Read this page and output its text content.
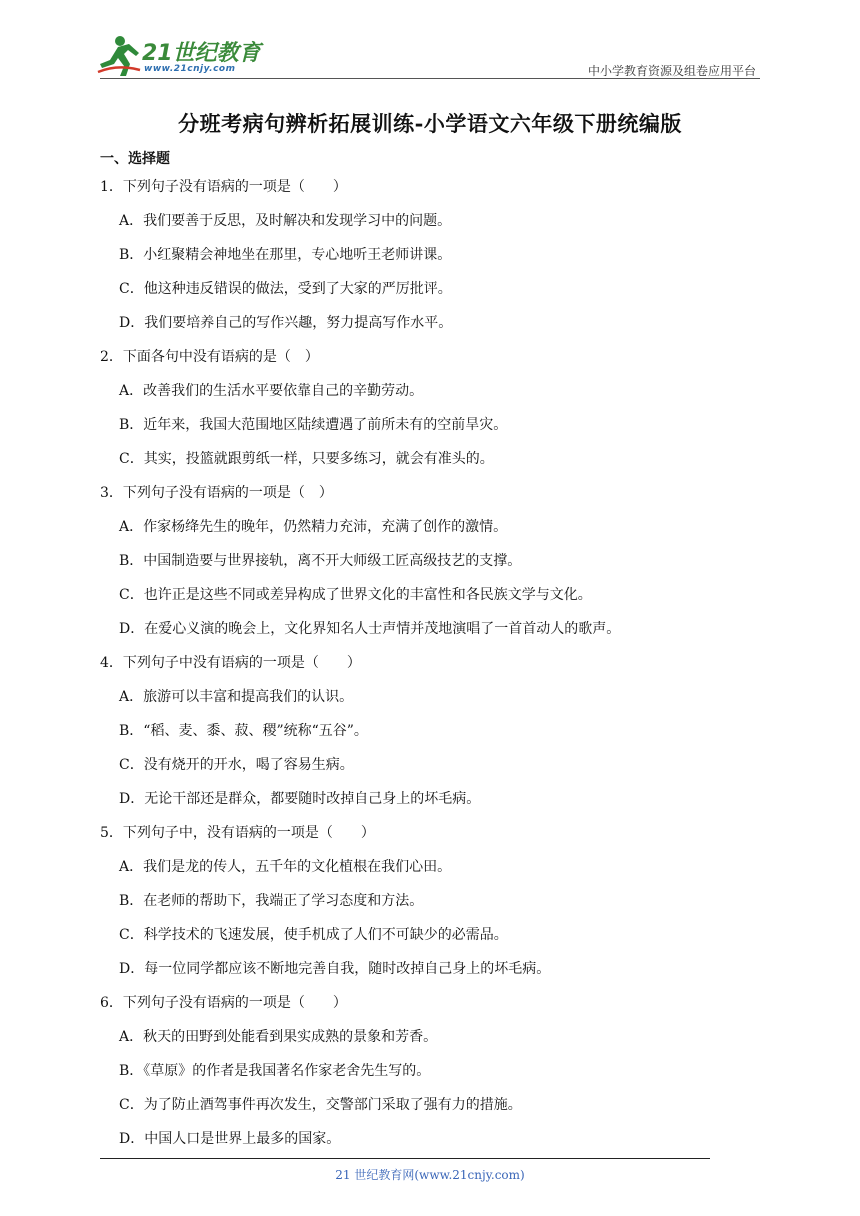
21世纪教育
www.21cnjy.com	中小学教育资源及组卷应用平台
分班考病句辨析拓展训练-小学语文六年级下册统编版
一、选择题
1．下列句子没有语病的一项是（　　）
A．我们要善于反思，及时解决和发现学习中的问题。
B．小红聚精会神地坐在那里，专心地听王老师讲课。
C．他这种违反错误的做法，受到了大家的严厉批评。
D．我们要培养自己的写作兴趣，努力提高写作水平。
2．下面各句中没有语病的是（　）
A．改善我们的生活水平要依靠自己的辛勤劳动。
B．近年来，我国大范围地区陆续遭遇了前所未有的空前旱灾。
C．其实，投篮就跟剪纸一样，只要多练习，就会有准头的。
3．下列句子没有语病的一项是（　）
A．作家杨绛先生的晚年，仍然精力充沛，充满了创作的激情。
B．中国制造要与世界接轨，离不开大师级工匠高级技艺的支撑。
C．也许正是这些不同或差异构成了世界文化的丰富性和各民族文学与文化。
D．在爱心义演的晚会上，文化界知名人士声情并茂地演唱了一首首动人的歌声。
4．下列句子中没有语病的一项是（　　）
A．旅游可以丰富和提高我们的认识。
B．“稻、麦、黍、菽、稷”统称“五谷”。
C．没有烧开的开水，喝了容易生病。
D．无论干部还是群众，都要随时改掉自己身上的坏毛病。
5．下列句子中，没有语病的一项是（　　）
A．我们是龙的传人，五千年的文化植根在我们心田。
B．在老师的帮助下，我端正了学习态度和方法。
C．科学技术的飞速发展，使手机成了人们不可缺少的必需品。
D．每一位同学都应该不断地完善自我，随时改掉自己身上的坏毛病。
6．下列句子没有语病的一项是（　　）
A．秋天的田野到处能看到果实成熟的景象和芳香。
B．《草原》的作者是我国著名作家老舍先生写的。
C．为了防止酒驾事件再次发生，交警部门采取了强有力的措施。
D．中国人口是世界上最多的国家。
21 世纪教育网(www.21cnjy.com)
